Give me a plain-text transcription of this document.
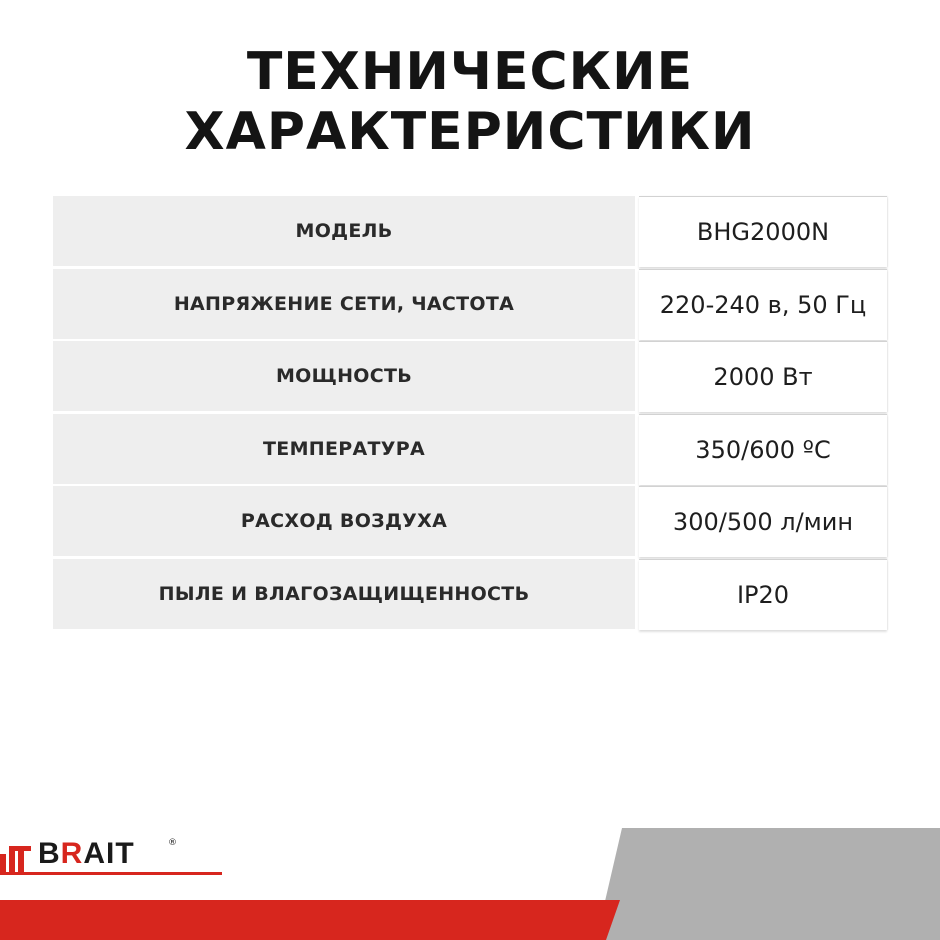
ТЕХНИЧЕСКИЕ
ХАРАКТЕРИСТИКИ
МОДЕЛЬ	BHG2000N
НАПРЯЖЕНИЕ СЕТИ, ЧАСТОТА	220-240 в, 50 Гц
МОЩНОСТЬ	2000 Вт
ТЕМПЕРАТУРА	350/600 ºС
РАСХОД ВОЗДУХА	300/500 л/мин
ПЫЛЕ И ВЛАГОЗАЩИЩЕННОСТЬ	IP20
BRAIT	®
